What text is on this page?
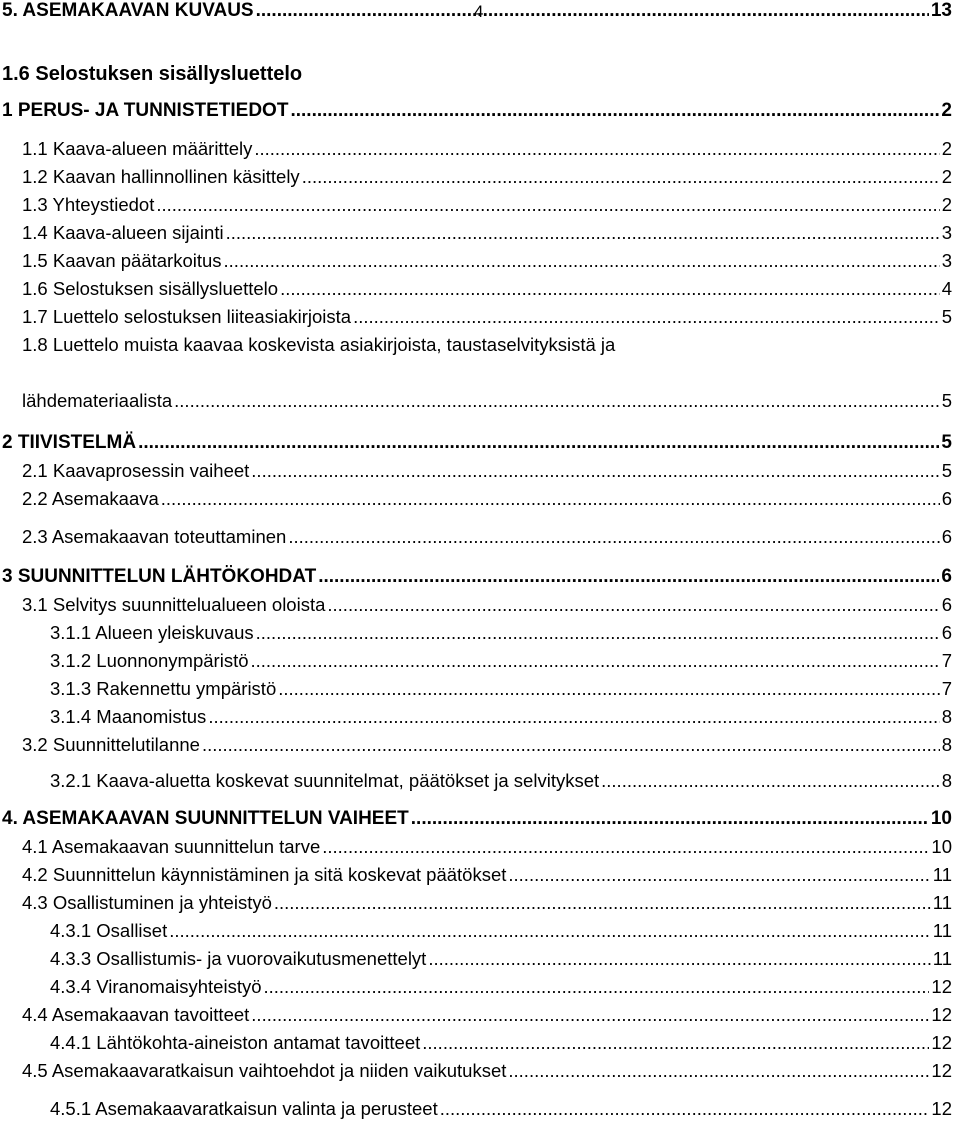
4
1.6 Selostuksen sisällysluettelo
1 PERUS- JA TUNNISTETIEDOT .....	2
1.1 Kaava-alueen määrittely .....	2
1.2 Kaavan hallinnollinen käsittely .....	2
1.3 Yhteystiedot .....	2
1.4 Kaava-alueen sijainti .....	3
1.5 Kaavan päätarkoitus .....	3
1.6 Selostuksen sisällysluettelo .....	4
1.7 Luettelo selostuksen liiteasiakirjoista .....	5
1.8 Luettelo muista kaavaa koskevista asiakirjoista, taustaselvityksistä ja
lähdemateriaalista .....	5
2 TIIVISTELMÄ .....	5
2.1 Kaavaprosessin vaiheet .....	5
2.2 Asemakaava .....	6
2.3 Asemakaavan toteuttaminen .....	6
3 SUUNNITTELUN LÄHTÖKOHDAT .....	6
3.1 Selvitys suunnittelualueen oloista .....	6
3.1.1 Alueen yleiskuvaus .....	6
3.1.2 Luonnonympäristö .....	7
3.1.3 Rakennettu ympäristö .....	7
3.1.4 Maanomistus .....	8
3.2 Suunnittelutilanne .....	8
3.2.1 Kaava-aluetta koskevat suunnitelmat, päätökset ja selvitykset .....	8
4. ASEMAKAAVAN SUUNNITTELUN VAIHEET .....	10
4.1 Asemakaavan suunnittelun tarve .....	10
4.2 Suunnittelun käynnistäminen ja sitä koskevat päätökset .....	11
4.3 Osallistuminen ja yhteistyö .....	11
4.3.1 Osalliset .....	11
4.3.3 Osallistumis- ja vuorovaikutusmenettelyt .....	11
4.3.4 Viranomaisyhteistyö .....	12
4.4 Asemakaavan tavoitteet .....	12
4.4.1 Lähtökohta-aineiston antamat tavoitteet .....	12
4.5 Asemakaavaratkaisun vaihtoehdot ja niiden vaikutukset .....	12
4.5.1 Asemakaavaratkaisun valinta ja perusteet .....	12
5. ASEMAKAAVAN KUVAUS .....	13
